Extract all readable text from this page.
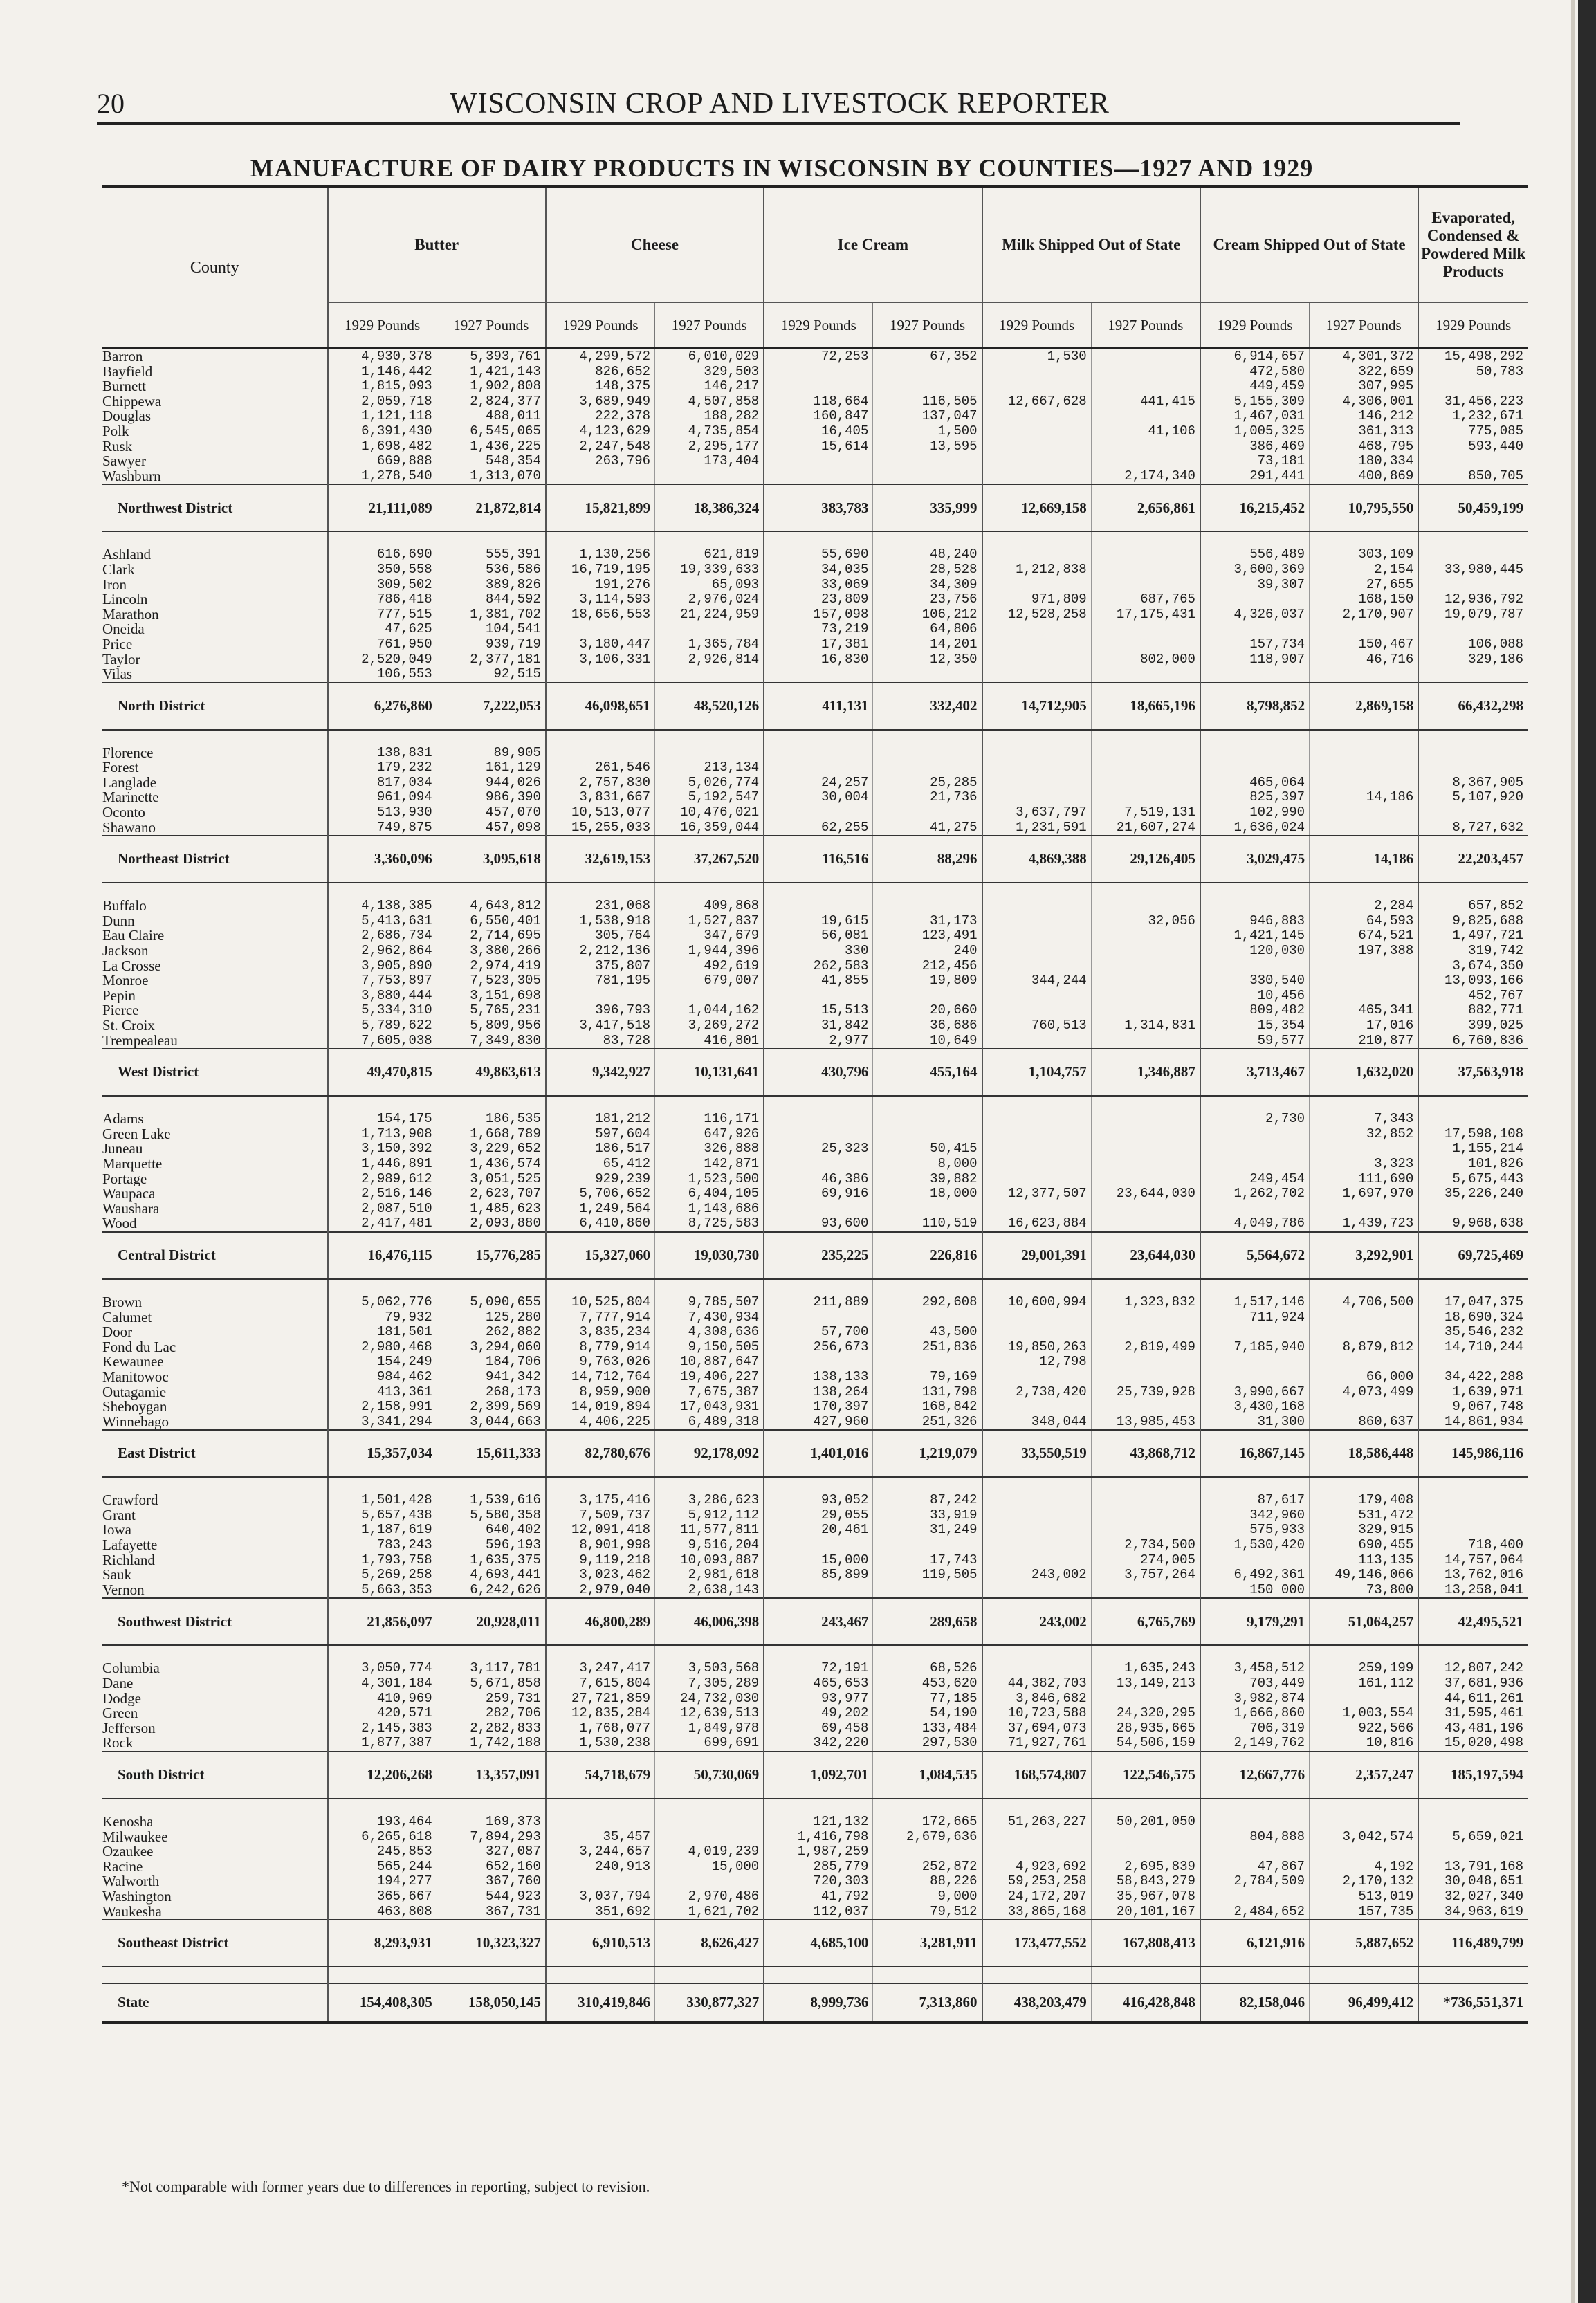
20	WISCONSIN CROP AND LIVESTOCK REPORTER
MANUFACTURE OF DAIRY PRODUCTS IN WISCONSIN BY COUNTIES—1927 AND 1929

County	Butter		Cheese		Ice Cream		Milk Shipped Out of State		Cream Shipped Out of State		Evaporated, Condensed & Powdered Milk Products
	1929 Pounds	1927 Pounds	1929 Pounds	1927 Pounds	1929 Pounds	1927 Pounds	1929 Pounds	1927 Pounds	1929 Pounds	1927 Pounds	1929 Pounds
Barron	4,930,378	5,393,761	4,299,572	6,010,029	72,253	67,352	1,530		6,914,657	4,301,372	15,498,292
Bayfield	1,146,442	1,421,143	826,652	329,503					472,580	322,659	50,783
Burnett	1,815,093	1,902,808	148,375	146,217					449,459	307,995	
Chippewa	2,059,718	2,824,377	3,689,949	4,507,858	118,664	116,505	12,667,628	441,415	5,155,309	4,306,001	31,456,223
Douglas	1,121,118	488,011	222,378	188,282	160,847	137,047			1,467,031	146,212	1,232,671
Polk	6,391,430	6,545,065	4,123,629	4,735,854	16,405	1,500		41,106	1,005,325	361,313	775,085
Rusk	1,698,482	1,436,225	2,247,548	2,295,177	15,614	13,595			386,469	468,795	593,440
Sawyer	669,888	548,354	263,796	173,404					73,181	180,334	
Washburn	1,278,540	1,313,070						2,174,340	291,441	400,869	850,705
Northwest District	21,111,089	21,872,814	15,821,899	18,386,324	383,783	335,999	12,669,158	2,656,861	16,215,452	10,795,550	50,459,199

Ashland	616,690	555,391	1,130,256	621,819	55,690	48,240			556,489	303,109	
Clark	350,558	536,586	16,719,195	19,339,633	34,035	28,528	1,212,838		3,600,369	2,154	33,980,445
Iron	309,502	389,826	191,276	65,093	33,069	34,309			39,307	27,655	
Lincoln	786,418	844,592	3,114,593	2,976,024	23,809	23,756	971,809	687,765		168,150	12,936,792
Marathon	777,515	1,381,702	18,656,553	21,224,959	157,098	106,212	12,528,258	17,175,431	4,326,037	2,170,907	19,079,787
Oneida	47,625	104,541			73,219	64,806					
Price	761,950	939,719	3,180,447	1,365,784	17,381	14,201			157,734	150,467	106,088
Taylor	2,520,049	2,377,181	3,106,331	2,926,814	16,830	12,350		802,000	118,907	46,716	329,186
Vilas	106,553	92,515									
North District	6,276,860	7,222,053	46,098,651	48,520,126	411,131	332,402	14,712,905	18,665,196	8,798,852	2,869,158	66,432,298

Florence	138,831	89,905									
Forest	179,232	161,129	261,546	213,134							
Langlade	817,034	944,026	2,757,830	5,026,774	24,257	25,285			465,064		8,367,905
Marinette	961,094	986,390	3,831,667	5,192,547	30,004	21,736			825,397	14,186	5,107,920
Oconto	513,930	457,070	10,513,077	10,476,021			3,637,797	7,519,131	102,990		
Shawano	749,875	457,098	15,255,033	16,359,044	62,255	41,275	1,231,591	21,607,274	1,636,024		8,727,632
Northeast District	3,360,096	3,095,618	32,619,153	37,267,520	116,516	88,296	4,869,388	29,126,405	3,029,475	14,186	22,203,457

Buffalo	4,138,385	4,643,812	231,068	409,868						2,284	657,852
Dunn	5,413,631	6,550,401	1,538,918	1,527,837	19,615	31,173		32,056	946,883	64,593	9,825,688
Eau Claire	2,686,734	2,714,695	305,764	347,679	56,081	123,491			1,421,145	674,521	1,497,721
Jackson	2,962,864	3,380,266	2,212,136	1,944,396	330	240			120,030	197,388	319,742
La Crosse	3,905,890	2,974,419	375,807	492,619	262,583	212,456					3,674,350
Monroe	7,753,897	7,523,305	781,195	679,007	41,855	19,809	344,244		330,540		13,093,166
Pepin	3,880,444	3,151,698							10,456		452,767
Pierce	5,334,310	5,765,231	396,793	1,044,162	15,513	20,660			809,482	465,341	882,771
St. Croix	5,789,622	5,809,956	3,417,518	3,269,272	31,842	36,686	760,513	1,314,831	15,354	17,016	399,025
Trempealeau	7,605,038	7,349,830	83,728	416,801	2,977	10,649			59,577	210,877	6,760,836
West District	49,470,815	49,863,613	9,342,927	10,131,641	430,796	455,164	1,104,757	1,346,887	3,713,467	1,632,020	37,563,918

Adams	154,175	186,535	181,212	116,171					2,730	7,343	
Green Lake	1,713,908	1,668,789	597,604	647,926						32,852	17,598,108
Juneau	3,150,392	3,229,652	186,517	326,888	25,323	50,415					1,155,214
Marquette	1,446,891	1,436,574	65,412	142,871		8,000				3,323	101,826
Portage	2,989,612	3,051,525	929,239	1,523,500	46,386	39,882			249,454	111,690	5,675,443
Waupaca	2,516,146	2,623,707	5,706,652	6,404,105	69,916	18,000	12,377,507	23,644,030	1,262,702	1,697,970	35,226,240
Waushara	2,087,510	1,485,623	1,249,564	1,143,686							
Wood	2,417,481	2,093,880	6,410,860	8,725,583	93,600	110,519	16,623,884		4,049,786	1,439,723	9,968,638
Central District	16,476,115	15,776,285	15,327,060	19,030,730	235,225	226,816	29,001,391	23,644,030	5,564,672	3,292,901	69,725,469

Brown	5,062,776	5,090,655	10,525,804	9,785,507	211,889	292,608	10,600,994	1,323,832	1,517,146	4,706,500	17,047,375
Calumet	79,932	125,280	7,777,914	7,430,934					711,924		18,690,324
Door	181,501	262,882	3,835,234	4,308,636	57,700	43,500					35,546,232
Fond du Lac	2,980,468	3,294,060	8,779,914	9,150,505	256,673	251,836	19,850,263	2,819,499	7,185,940	8,879,812	14,710,244
Kewaunee	154,249	184,706	9,763,026	10,887,647			12,798				
Manitowoc	984,462	941,342	14,712,764	19,406,227	138,133	79,169				66,000	34,422,288
Outagamie	413,361	268,173	8,959,900	7,675,387	138,264	131,798	2,738,420	25,739,928	3,990,667	4,073,499	1,639,971
Sheboygan	2,158,991	2,399,569	14,019,894	17,043,931	170,397	168,842			3,430,168		9,067,748
Winnebago	3,341,294	3,044,663	4,406,225	6,489,318	427,960	251,326	348,044	13,985,453	31,300	860,637	14,861,934
East District	15,357,034	15,611,333	82,780,676	92,178,092	1,401,016	1,219,079	33,550,519	43,868,712	16,867,145	18,586,448	145,986,116

Crawford	1,501,428	1,539,616	3,175,416	3,286,623	93,052	87,242			87,617	179,408	
Grant	5,657,438	5,580,358	7,509,737	5,912,112	29,055	33,919			342,960	531,472	
Iowa	1,187,619	640,402	12,091,418	11,577,811	20,461	31,249			575,933	329,915	
Lafayette	783,243	596,193	8,901,998	9,516,204				2,734,500	1,530,420	690,455	718,400
Richland	1,793,758	1,635,375	9,119,218	10,093,887	15,000	17,743		274,005		113,135	14,757,064
Sauk	5,269,258	4,693,441	3,023,462	2,981,618	85,899	119,505	243,002	3,757,264	6,492,361	49,146,066	13,762,016
Vernon	5,663,353	6,242,626	2,979,040	2,638,143					150 000	73,800	13,258,041
Southwest District	21,856,097	20,928,011	46,800,289	46,006,398	243,467	289,658	243,002	6,765,769	9,179,291	51,064,257	42,495,521

Columbia	3,050,774	3,117,781	3,247,417	3,503,568	72,191	68,526		1,635,243	3,458,512	259,199	12,807,242
Dane	4,301,184	5,671,858	7,615,804	7,305,289	465,653	453,620	44,382,703	13,149,213	703,449	161,112	37,681,936
Dodge	410,969	259,731	27,721,859	24,732,030	93,977	77,185	3,846,682		3,982,874		44,611,261
Green	420,571	282,706	12,835,284	12,639,513	49,202	54,190	10,723,588	24,320,295	1,666,860	1,003,554	31,595,461
Jefferson	2,145,383	2,282,833	1,768,077	1,849,978	69,458	133,484	37,694,073	28,935,665	706,319	922,566	43,481,196
Rock	1,877,387	1,742,188	1,530,238	699,691	342,220	297,530	71,927,761	54,506,159	2,149,762	10,816	15,020,498
South District	12,206,268	13,357,091	54,718,679	50,730,069	1,092,701	1,084,535	168,574,807	122,546,575	12,667,776	2,357,247	185,197,594

Kenosha	193,464	169,373			121,132	172,665	51,263,227	50,201,050			
Milwaukee	6,265,618	7,894,293	35,457		1,416,798	2,679,636			804,888	3,042,574	5,659,021
Ozaukee	245,853	327,087	3,244,657	4,019,239	1,987,259						
Racine	565,244	652,160	240,913	15,000	285,779	252,872	4,923,692	2,695,839	47,867	4,192	13,791,168
Walworth	194,277	367,760			720,303	88,226	59,253,258	58,843,279	2,784,509	2,170,132	30,048,651
Washington	365,667	544,923	3,037,794	2,970,486	41,792	9,000	24,172,207	35,967,078		513,019	32,027,340
Waukesha	463,808	367,731	351,692	1,621,702	112,037	79,512	33,865,168	20,101,167	2,484,652	157,735	34,963,619
Southeast District	8,293,931	10,323,327	6,910,513	8,626,427	4,685,100	3,281,911	173,477,552	167,808,413	6,121,916	5,887,652	116,489,799

State	154,408,305	158,050,145	310,419,846	330,877,327	8,999,736	7,313,860	438,203,479	416,428,848	82,158,046	96,499,412	*736,551,371
*Not comparable with former years due to differences in reporting, subject to revision.
